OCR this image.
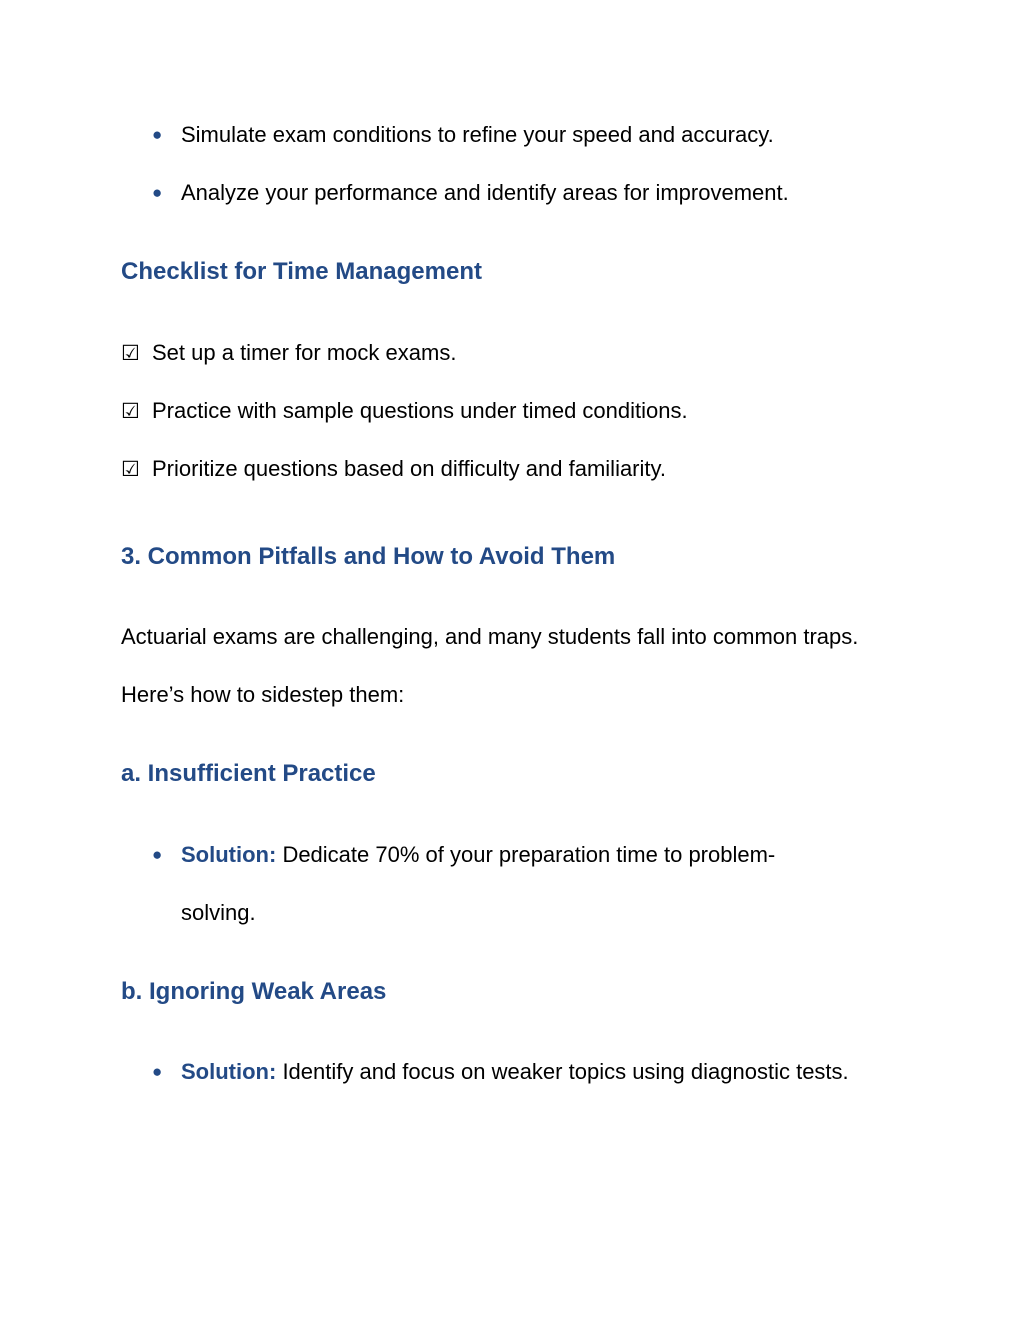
● Simulate exam conditions to refine your speed and accuracy.
● Analyze your performance and identify areas for improvement.
Checklist for Time Management
☑ Set up a timer for mock exams.
☑ Practice with sample questions under timed conditions.
☑ Prioritize questions based on difficulty and familiarity.
3. Common Pitfalls and How to Avoid Them

Actuarial exams are challenging, and many students fall into common traps. Here’s how to sidestep them:

a. Insufficient Practice
● Solution: Dedicate 70% of your preparation time to problem-solving.
b. Ignoring Weak Areas
● Solution: Identify and focus on weaker topics using diagnostic tests.
